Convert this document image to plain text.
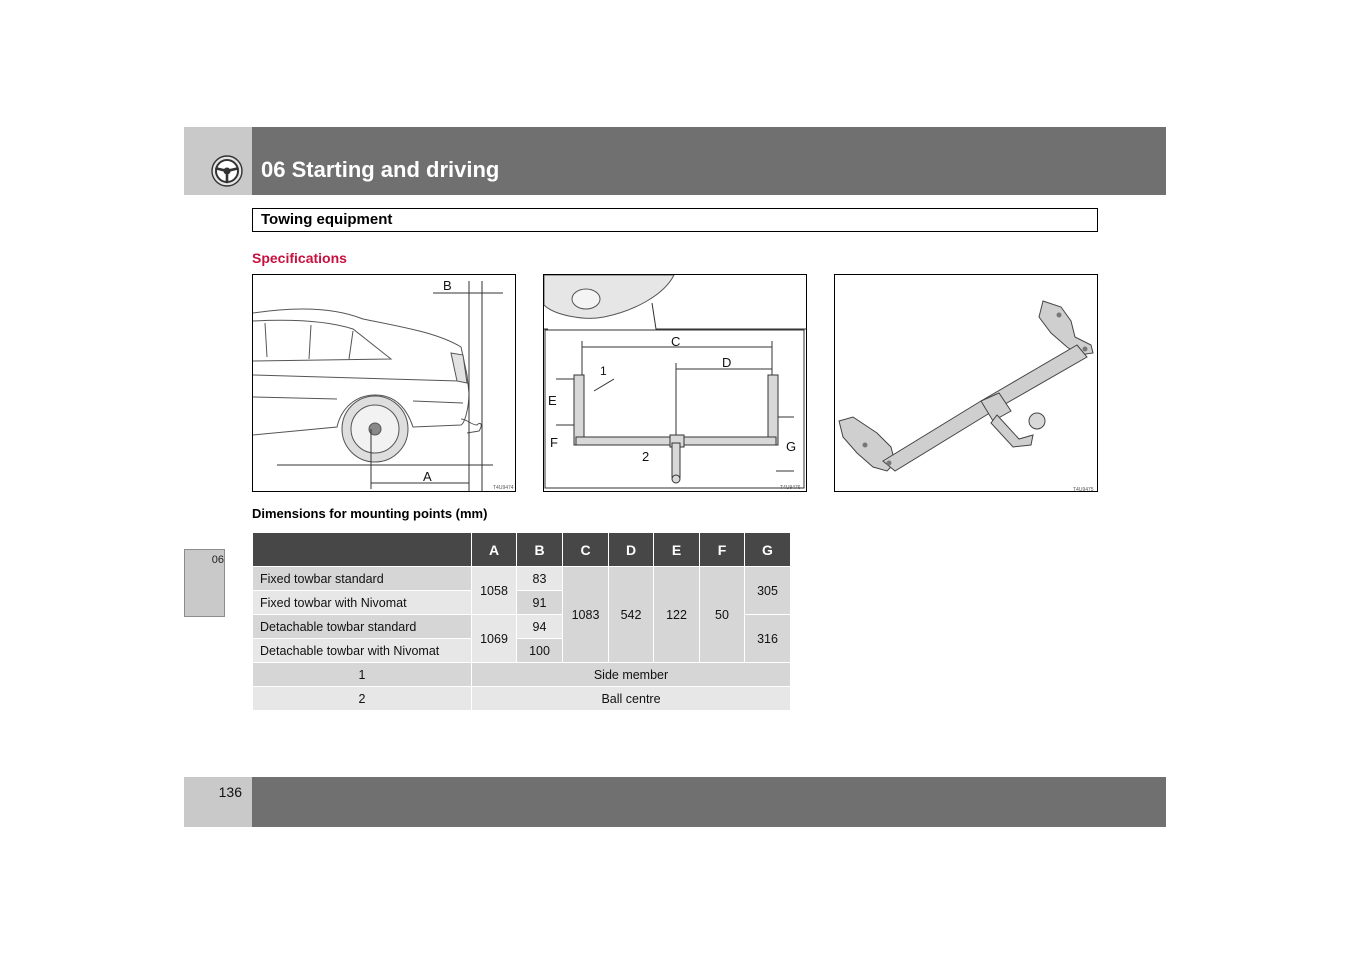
06 Starting and driving
Towing equipment
Specifications
B
A
T4U9474
C
D
1
E
F
2
G
T4U9476	T4U9475
06
Dimensions for mounting points (mm)
	A	B	C	D	E	F	G
Fixed towbar standard	1058	83	1083	542	122	50	305
Fixed towbar with Nivomat		91					
Detachable towbar standard	1069	94					316
Detachable towbar with Nivomat		100					
1	Side member						
2	Ball centre						
136
